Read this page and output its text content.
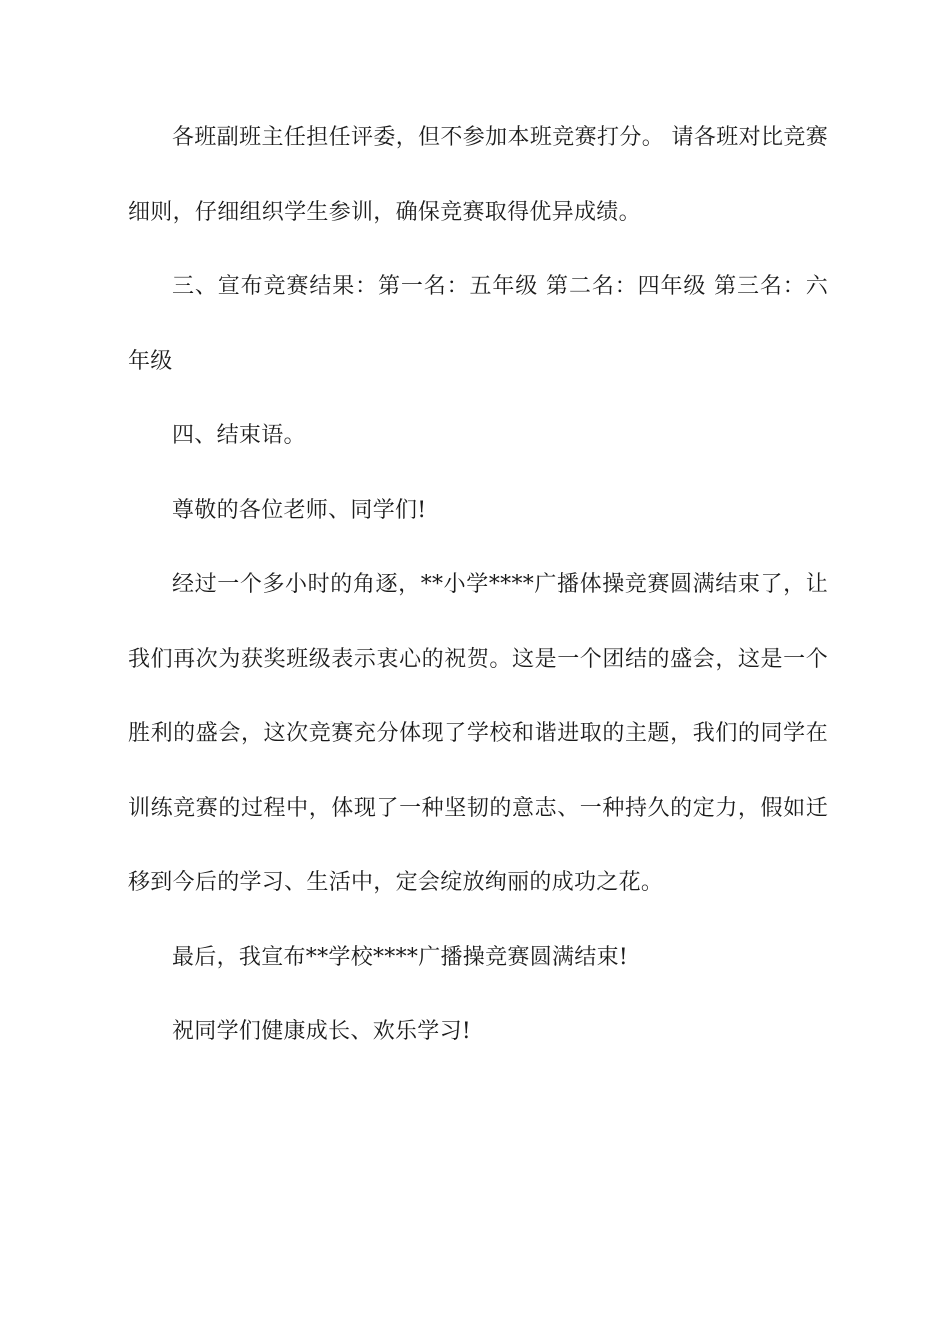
各班副班主任担任评委，但不参加本班竞赛打分。 请各班对比竞赛细则，仔细组织学生参训，确保竞赛取得优异成绩。

三、宣布竞赛结果：第一名：五年级 第二名：四年级 第三名：六年级

四、结束语。

尊敬的各位老师、同学们!

经过一个多小时的角逐，**小学****广播体操竞赛圆满结束了，让我们再次为获奖班级表示衷心的祝贺。这是一个团结的盛会，这是一个胜利的盛会，这次竞赛充分体现了学校和谐进取的主题，我们的同学在训练竞赛的过程中，体现了一种坚韧的意志、一种持久的定力，假如迁移到今后的学习、生活中，定会绽放绚丽的成功之花。

最后，我宣布**学校****广播操竞赛圆满结束!

祝同学们健康成长、欢乐学习!
